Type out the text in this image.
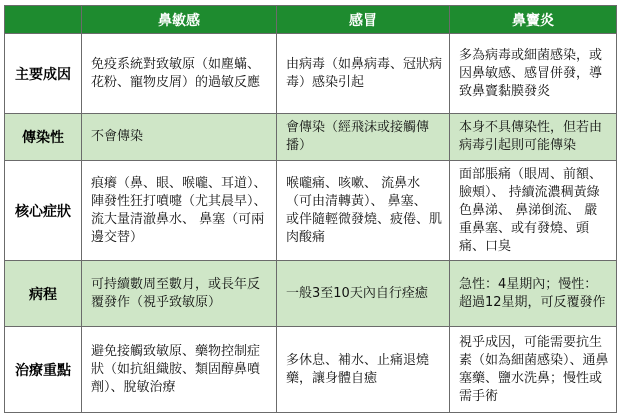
	鼻敏感	感冒	鼻竇炎
主要成因	免疫系統對致敏原（如塵蟎、花粉、寵物皮屑）的過敏反應	由病毒（如鼻病毒、冠狀病毒）感染引起	多為病毒或細菌感染，或因鼻敏感、感冒併發，導致鼻竇黏膜發炎
傳染性	不會傳染	會傳染（經飛沫或接觸傳播）	本身不具傳染性，但若由病毒引起則可能傳染
核心症狀	痕癢（鼻、眼、喉嚨、耳道）、 陣發性狂打噴嚏（尤其晨早）、 流大量清澈鼻水、 鼻塞（可兩邊交替）	喉嚨痛、咳嗽、 流鼻水（可由清轉黃）、 鼻塞、 或伴隨輕微發燒、疲倦、肌肉酸痛	面部脹痛（眼周、前額、臉頰）、 持續流濃稠黃綠色鼻涕、 鼻涕倒流、 嚴重鼻塞、或有發燒、頭痛、口臭
病程	可持續數周至數月，或長年反覆發作（視乎致敏原）	一般3至10天內自行痊癒	急性：4星期內；慢性：超過12星期，可反覆發作
治療重點	避免接觸致敏原、藥物控制症狀（如抗組織胺、類固醇鼻噴劑）、脫敏治療	多休息、補水、止痛退燒藥，讓身體自癒	視乎成因，可能需要抗生素（如為細菌感染）、通鼻塞藥、鹽水洗鼻；慢性或需手術
